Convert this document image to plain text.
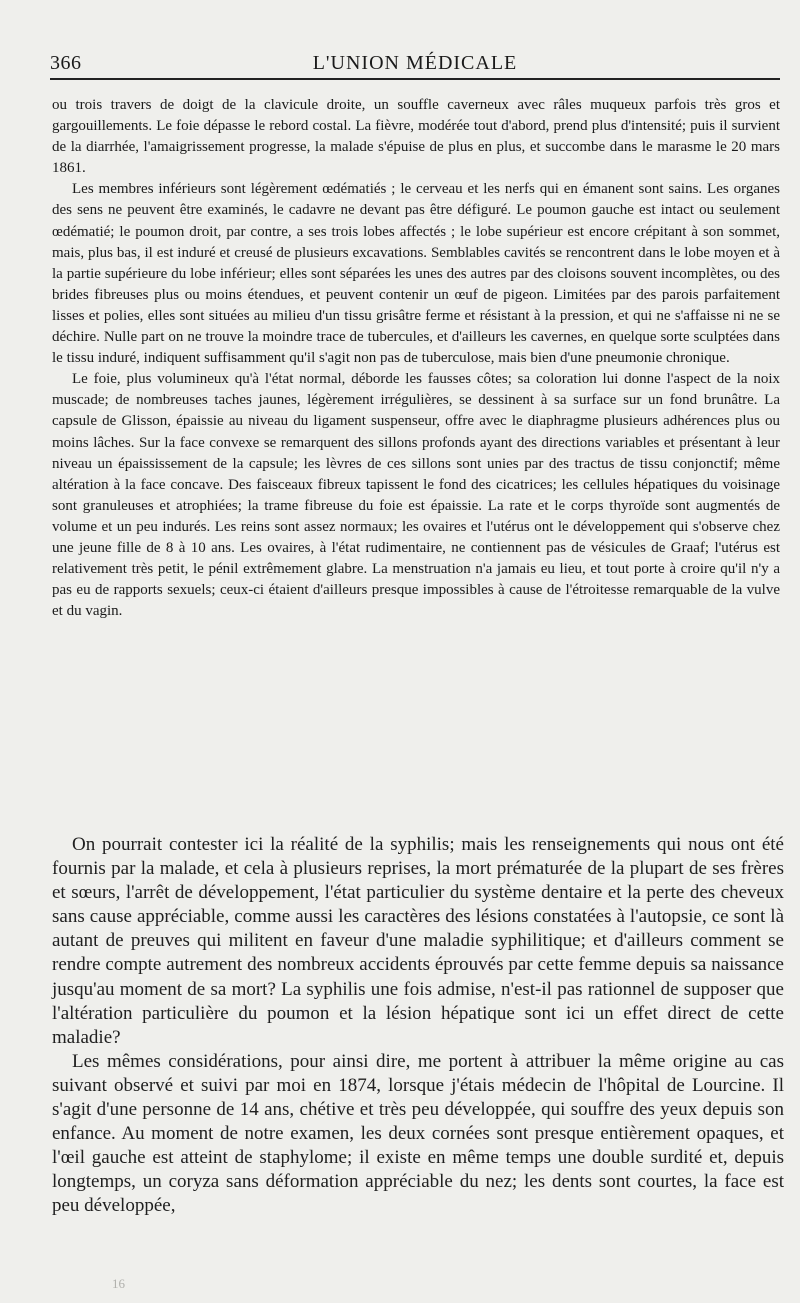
366	L'UNION MÉDICALE

ou trois travers de doigt de la clavicule droite, un souffle caverneux avec râles muqueux parfois très gros et gargouillements. Le foie dépasse le rebord costal. La fièvre, modérée tout d'abord, prend plus d'intensité; puis il survient de la diarrhée, l'amaigrissement progresse, la malade s'épuise de plus en plus, et succombe dans le marasme le 20 mars 1861.

Les membres inférieurs sont légèrement œdématiés ; le cerveau et les nerfs qui en émanent sont sains. Les organes des sens ne peuvent être examinés, le cadavre ne devant pas être défiguré. Le poumon gauche est intact ou seulement œdématié; le poumon droit, par contre, a ses trois lobes affectés ; le lobe supérieur est encore crépitant à son sommet, mais, plus bas, il est induré et creusé de plusieurs excavations. Semblables cavités se rencontrent dans le lobe moyen et à la partie supérieure du lobe inférieur; elles sont séparées les unes des autres par des cloisons souvent incomplètes, ou des brides fibreuses plus ou moins étendues, et peuvent contenir un œuf de pigeon. Limitées par des parois parfaitement lisses et polies, elles sont situées au milieu d'un tissu grisâtre ferme et résistant à la pression, et qui ne s'affaisse ni ne se déchire. Nulle part on ne trouve la moindre trace de tubercules, et d'ailleurs les cavernes, en quelque sorte sculptées dans le tissu induré, indiquent suffisamment qu'il s'agit non pas de tuberculose, mais bien d'une pneumonie chronique.

Le foie, plus volumineux qu'à l'état normal, déborde les fausses côtes; sa coloration lui donne l'aspect de la noix muscade; de nombreuses taches jaunes, légèrement irrégulières, se dessinent à sa surface sur un fond brunâtre. La capsule de Glisson, épaissie au niveau du ligament suspenseur, offre avec le diaphragme plusieurs adhérences plus ou moins lâches. Sur la face convexe se remarquent des sillons profonds ayant des directions variables et présentant à leur niveau un épaississement de la capsule; les lèvres de ces sillons sont unies par des tractus de tissu conjonctif; même altération à la face concave. Des faisceaux fibreux tapissent le fond des cicatrices; les cellules hépatiques du voisinage sont granuleuses et atrophiées; la trame fibreuse du foie est épaissie. La rate et le corps thyroïde sont augmentés de volume et un peu indurés. Les reins sont assez normaux; les ovaires et l'utérus ont le développement qui s'observe chez une jeune fille de 8 à 10 ans. Les ovaires, à l'état rudimentaire, ne contiennent pas de vésicules de Graaf; l'utérus est relativement très petit, le pénil extrêmement glabre. La menstruation n'a jamais eu lieu, et tout porte à croire qu'il n'y a pas eu de rapports sexuels; ceux-ci étaient d'ailleurs presque impossibles à cause de l'étroitesse remarquable de la vulve et du vagin.

On pourrait contester ici la réalité de la syphilis; mais les renseignements qui nous ont été fournis par la malade, et cela à plusieurs reprises, la mort prématurée de la plupart de ses frères et sœurs, l'arrêt de développement, l'état particulier du système dentaire et la perte des cheveux sans cause appréciable, comme aussi les caractères des lésions constatées à l'autopsie, ce sont là autant de preuves qui militent en faveur d'une maladie syphilitique; et d'ailleurs comment se rendre compte autrement des nombreux accidents éprouvés par cette femme depuis sa naissance jusqu'au moment de sa mort? La syphilis une fois admise, n'est-il pas rationnel de supposer que l'altération particulière du poumon et la lésion hépatique sont ici un effet direct de cette maladie?

Les mêmes considérations, pour ainsi dire, me portent à attribuer la même origine au cas suivant observé et suivi par moi en 1874, lorsque j'étais médecin de l'hôpital de Lourcine. Il s'agit d'une personne de 14 ans, chétive et très peu développée, qui souffre des yeux depuis son enfance. Au moment de notre examen, les deux cornées sont presque entièrement opaques, et l'œil gauche est atteint de staphylome; il existe en même temps une double surdité et, depuis longtemps, un coryza sans déformation appréciable du nez; les dents sont courtes, la face est peu développée,

16
